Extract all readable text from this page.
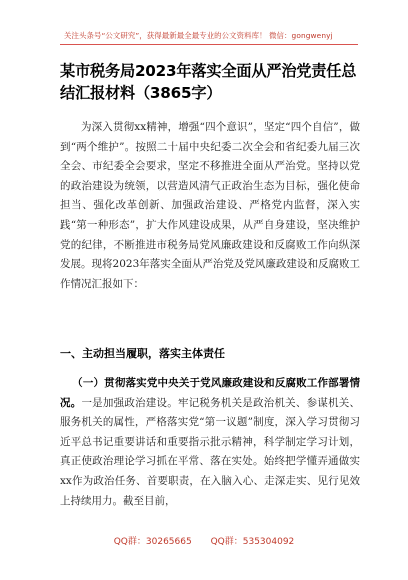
关注头条号“公文研究”，获得最新最全最专业的公文资料库！ 微信：gongwenyj
某市税务局2023年落实全面从严治党责任总结汇报材料（3865字）
为深入贯彻xx精神，增强“四个意识”，坚定“四个自信”，做到“两个维护”。按照二十届中央纪委二次全会和省纪委九届三次全会、市纪委全会要求，坚定不移推进全面从严治党。坚持以党的政治建设为统领，以营造风清气正政治生态为目标，强化使命担当、强化改革创新、加强政治建设、严格党内监督，深入实践“第一种形态”，扩大作风建设成果，从严自身建设，坚决维护党的纪律，不断推进市税务局党风廉政建设和反腐败工作向纵深发展。现将2023年落实全面从严治党及党风廉政建设和反腐败工作情况汇报如下：
一、主动担当履职，落实主体责任
（一）贯彻落实党中央关于党风廉政建设和反腐败工作部署情况。一是加强政治建设。牢记税务机关是政治机关、参谋机关、服务机关的属性，严格落实党“第一议题”制度，深入学习贯彻习近平总书记重要讲话和重要指示批示精神，科学制定学习计划，真正使政治理论学习抓在平常、落在实处。始终把学懂弄通做实xx作为政治任务、首要职责，在入脑入心、走深走实、见行见效上持续用力。截至目前，
QQ群：30265665 QQ群：535304092
